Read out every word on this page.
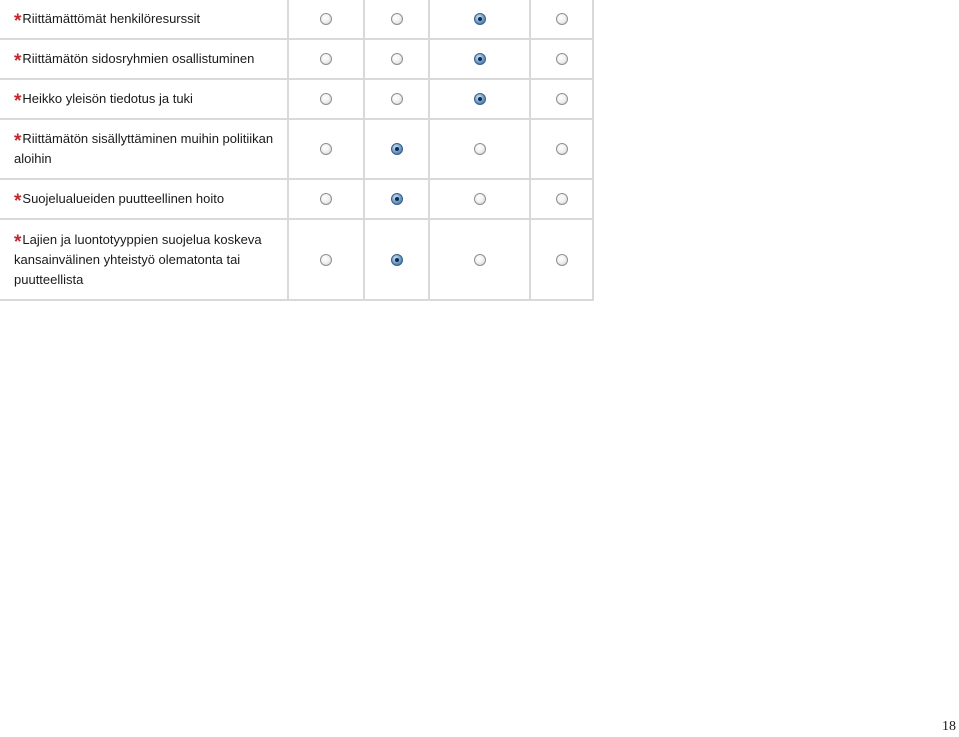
*Riittämättömät henkilöresurssit
*Riittämätön sidosryhmien osallistuminen
*Heikko yleisön tiedotus ja tuki
*Riittämätön sisällyttäminen muihin politiikan aloihin
*Suojelualueiden puutteellinen hoito
*Lajien ja luontotyyppien suojelua koskeva kansainvälinen yhteistyö olematonta tai puutteellista
18
